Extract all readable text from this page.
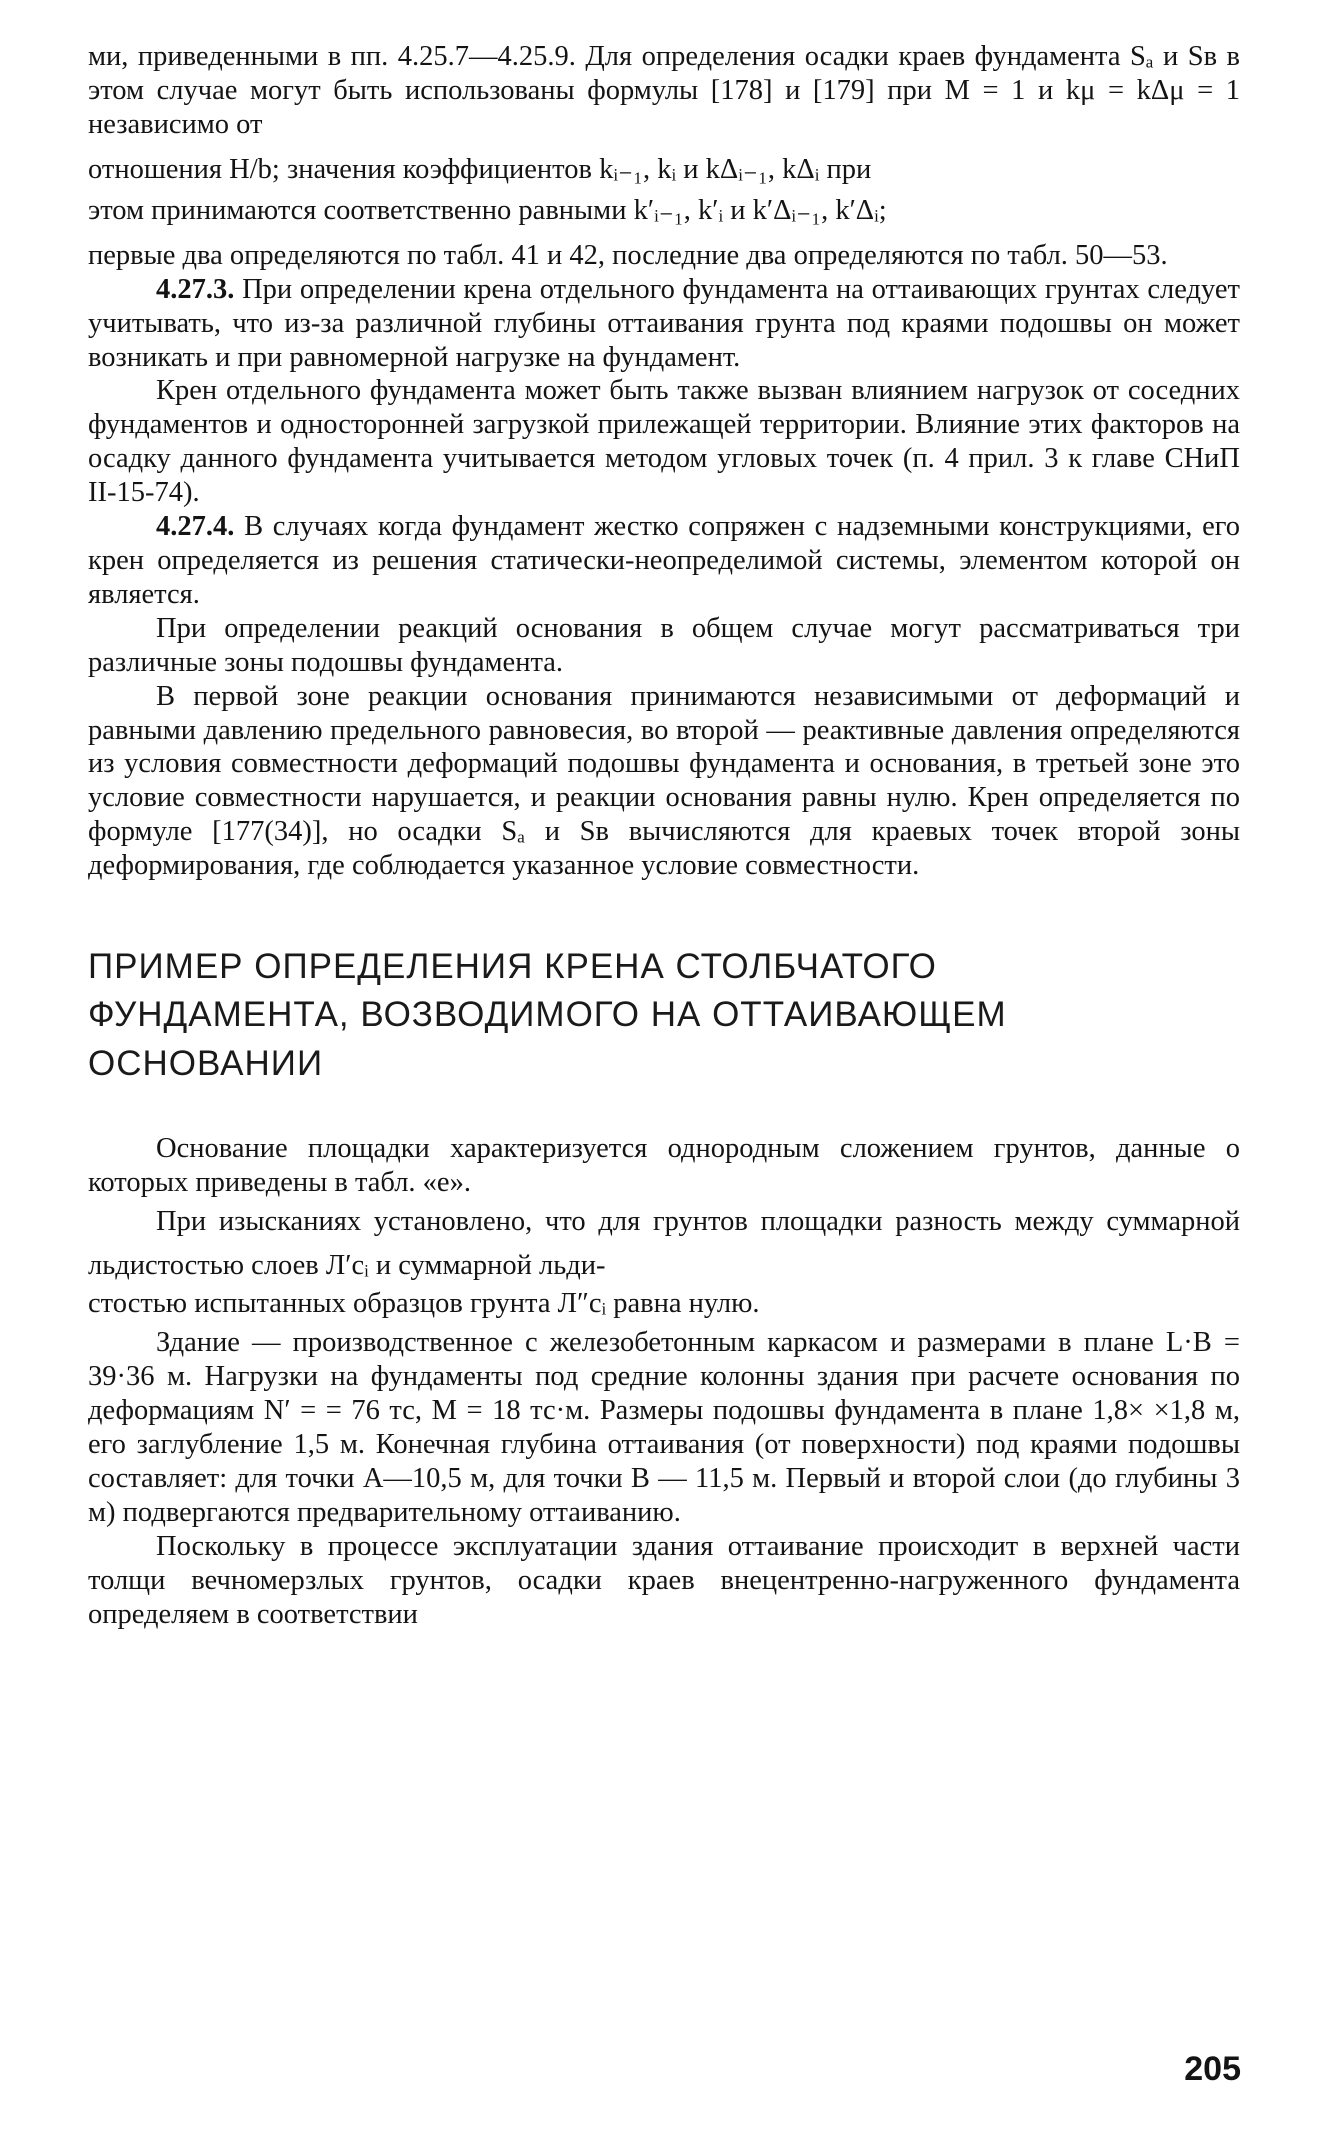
ми, приведенными в пп. 4.25.7—4.25.9. Для определения осадки краев фундамента Sₐ и Sв в этом случае могут быть использованы формулы [178] и [179] при M = 1 и kμ = kΔμ = 1 независимо от

отношения H/b; значения коэффициентов kᵢ₋₁, kᵢ и kΔᵢ₋₁, kΔᵢ при

этом принимаются соответственно равными k′ᵢ₋₁, k′ᵢ и k′Δᵢ₋₁, k′Δᵢ;

первые два определяются по табл. 41 и 42, последние два определяются по табл. 50—53.

4.27.3. При определении крена отдельного фундамента на оттаивающих грунтах следует учитывать, что из-за различной глубины оттаивания грунта под краями подошвы он может возникать и при равномерной нагрузке на фундамент.

Крен отдельного фундамента может быть также вызван влиянием нагрузок от соседних фундаментов и односторонней загрузкой прилежащей территории. Влияние этих факторов на осадку данного фундамента учитывается методом угловых точек (п. 4 прил. 3 к главе СНиП II-15-74).

4.27.4. В случаях когда фундамент жестко сопряжен с надземными конструкциями, его крен определяется из решения статически-неопределимой системы, элементом которой он является.

При определении реакций основания в общем случае могут рассматриваться три различные зоны подошвы фундамента.

В первой зоне реакции основания принимаются независимыми от деформаций и равными давлению предельного равновесия, во второй — реактивные давления определяются из условия совместности деформаций подошвы фундамента и основания, в третьей зоне это условие совместности нарушается, и реакции основания равны нулю. Крен определяется по формуле [177(34)], но осадки Sₐ и Sв вычисляются для краевых точек второй зоны деформирования, где соблюдается указанное условие совместности.

ПРИМЕР ОПРЕДЕЛЕНИЯ КРЕНА СТОЛБЧАТОГО
ФУНДАМЕНТА, ВОЗВОДИМОГО НА ОТТАИВАЮЩЕМ
ОСНОВАНИИ

Основание площадки характеризуется однородным сложением грунтов, данные о которых приведены в табл. «е».

При изысканиях установлено, что для грунтов площадки разность между суммарной льдистостью слоев Л′cᵢ и суммарной льди-

стостью испытанных образцов грунта Л″cᵢ равна нулю.

Здание — производственное с железобетонным каркасом и размерами в плане L·B = 39·36 м. Нагрузки на фундаменты под средние колонны здания при расчете основания по деформациям N′ = = 76 тс, M = 18 тс·м. Размеры подошвы фундамента в плане 1,8× ×1,8 м, его заглубление 1,5 м. Конечная глубина оттаивания (от поверхности) под краями подошвы составляет: для точки А—10,5 м, для точки В — 11,5 м. Первый и второй слои (до глубины 3 м) подвергаются предварительному оттаиванию.

Поскольку в процессе эксплуатации здания оттаивание происходит в верхней части толщи вечномерзлых грунтов, осадки краев внецентренно-нагруженного фундамента определяем в соответствии

205
